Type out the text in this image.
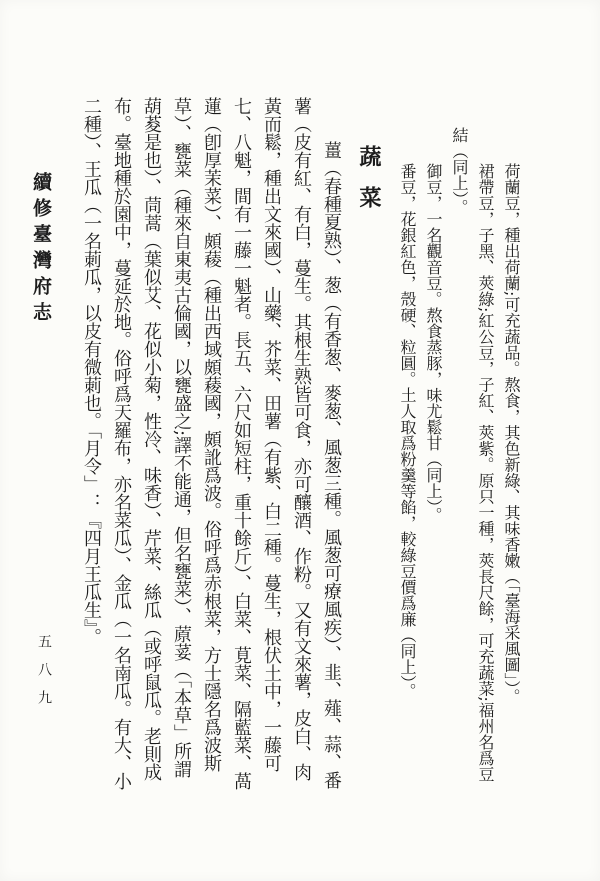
續修臺灣府志
五八九	荷蘭豆，種出荷蘭;可充蔬品。熬食，其色新綠、其味香嫩（「臺海采風圖」）。

裙帶豆，子黑、莢綠;紅公豆，子紅、莢紫。原只一種，莢長尺餘，可充蔬菜;福州名爲豆結（同上）。

御豆，一名觀音豆。熬食蒸豚，味尤鬆甘（同上）。

番豆，花銀紅色，殼硬、粒圓。土人取爲粉羹等餡，較綠豆價爲廉（同上）。

蔬菜

薑（春種夏熟）、葱（有香葱、麥葱、風葱三種。風葱可療風疾）、韭、薤、蒜、番薯（皮有紅、有白，蔓生。其根生熟皆可食，亦可釀酒、作粉。又有文來薯，皮白、肉黃而鬆，種出文來國）、山藥、芥菜、田薯（有紫、白二種。蔓生，根伏土中，一藤可七、八魁，間有一藤一魁者。長五、六尺如短柱，重十餘斤）、白菜、莧菜、隔藍菜、萵蓮（卽厚茉菜）、頗薐（種出西域頗薐國，頗訛爲波。俗呼爲赤根菜，方士隱名爲波斯草）、甕菜（種來自東夷古倫國，以甕盛之;譯不能通，但名甕菜）、蒝荽（「本草」所謂葫荾是也）、茼蒿（葉似艾、花似小菊，性冷、味香）、芹菜、絲瓜（或呼鼠瓜。老則成布。臺地種於園中，蔓延於地。俗呼爲天羅布，亦名菜瓜）、金瓜（一名南瓜。有大、小二種）、王瓜（一名莿瓜，以皮有微莿也。「月令」：『四月王瓜生』。
